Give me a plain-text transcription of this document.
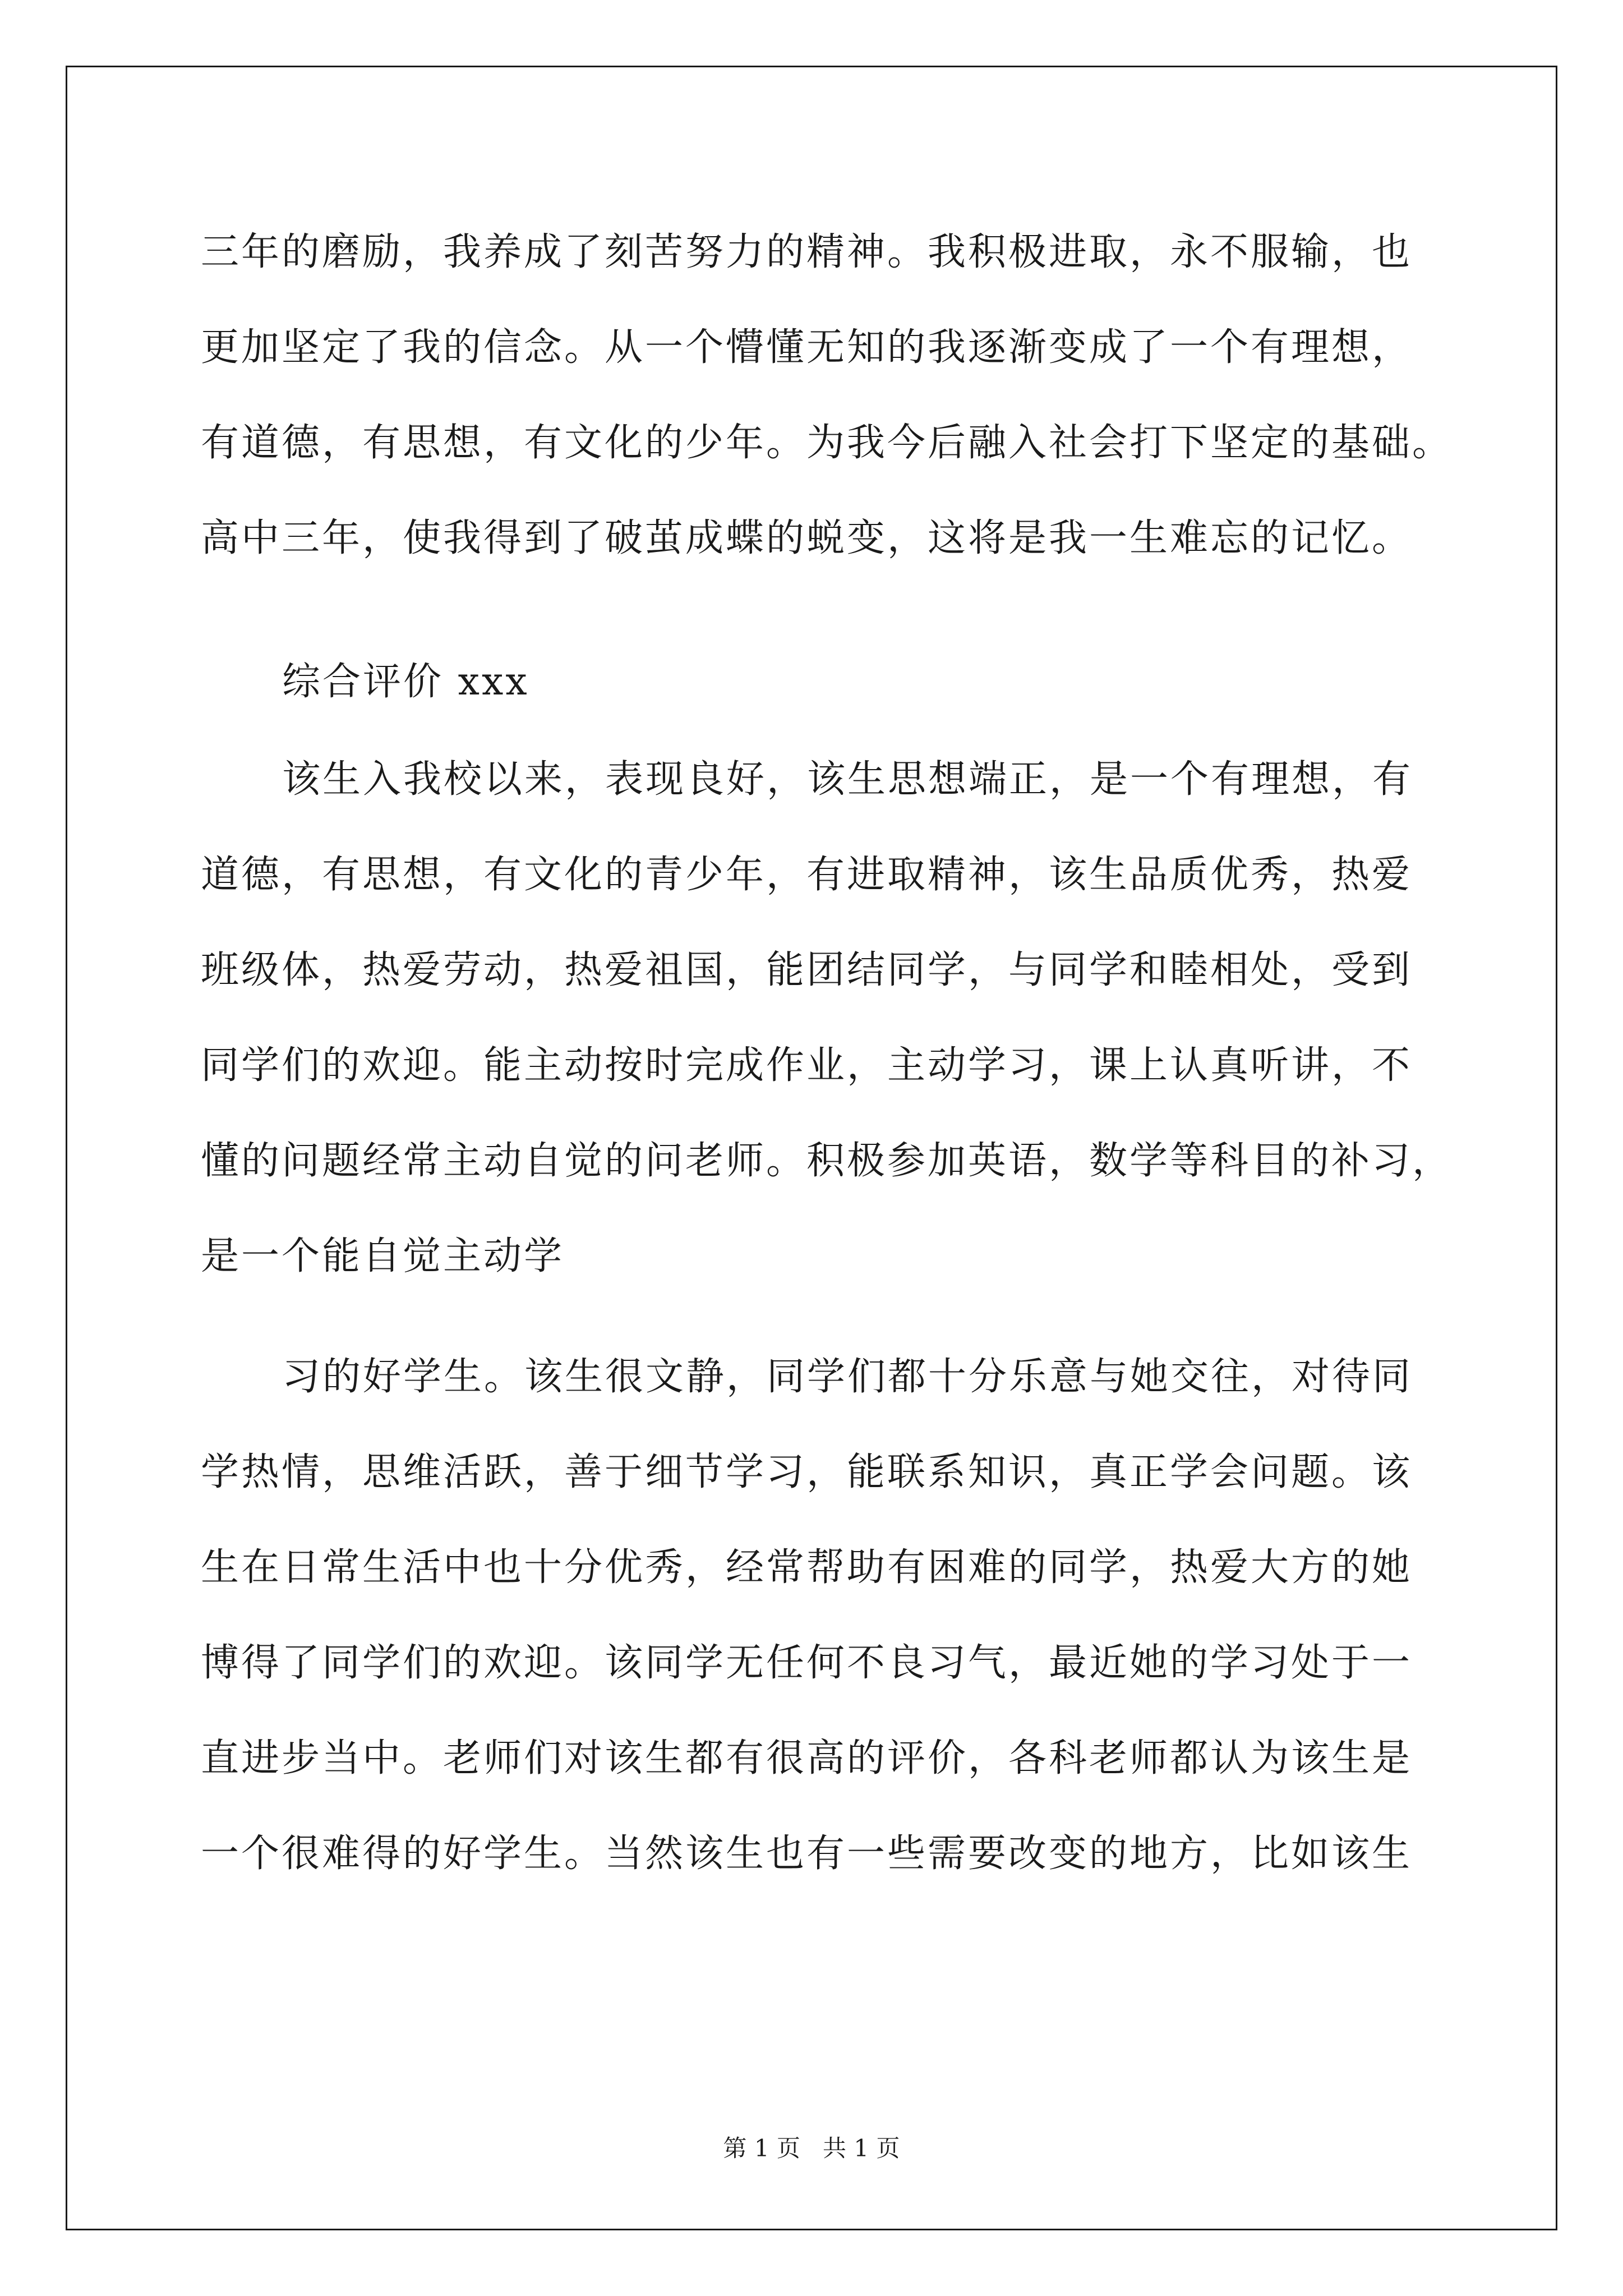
三年的磨励，我养成了刻苦努力的精神。我积极进取，永不服输，也
更加坚定了我的信念。从一个懵懂无知的我逐渐变成了一个有理想，
有道德，有思想，有文化的少年。为我今后融入社会打下坚定的基础。
高中三年，使我得到了破茧成蝶的蜕变，这将是我一生难忘的记忆。
综合评价 xxx
该生入我校以来，表现良好，该生思想端正，是一个有理想，有
道德，有思想，有文化的青少年，有进取精神，该生品质优秀，热爱
班级体，热爱劳动，热爱祖国，能团结同学，与同学和睦相处，受到
同学们的欢迎。能主动按时完成作业，主动学习，课上认真听讲，不
懂的问题经常主动自觉的问老师。积极参加英语，数学等科目的补习，
是一个能自觉主动学
习的好学生。该生很文静，同学们都十分乐意与她交往，对待同
学热情，思维活跃，善于细节学习，能联系知识，真正学会问题。该
生在日常生活中也十分优秀，经常帮助有困难的同学，热爱大方的她
博得了同学们的欢迎。该同学无任何不良习气，最近她的学习处于一
直进步当中。老师们对该生都有很高的评价，各科老师都认为该生是
一个很难得的好学生。当然该生也有一些需要改变的地方，比如该生
第 1 页   共 1 页
